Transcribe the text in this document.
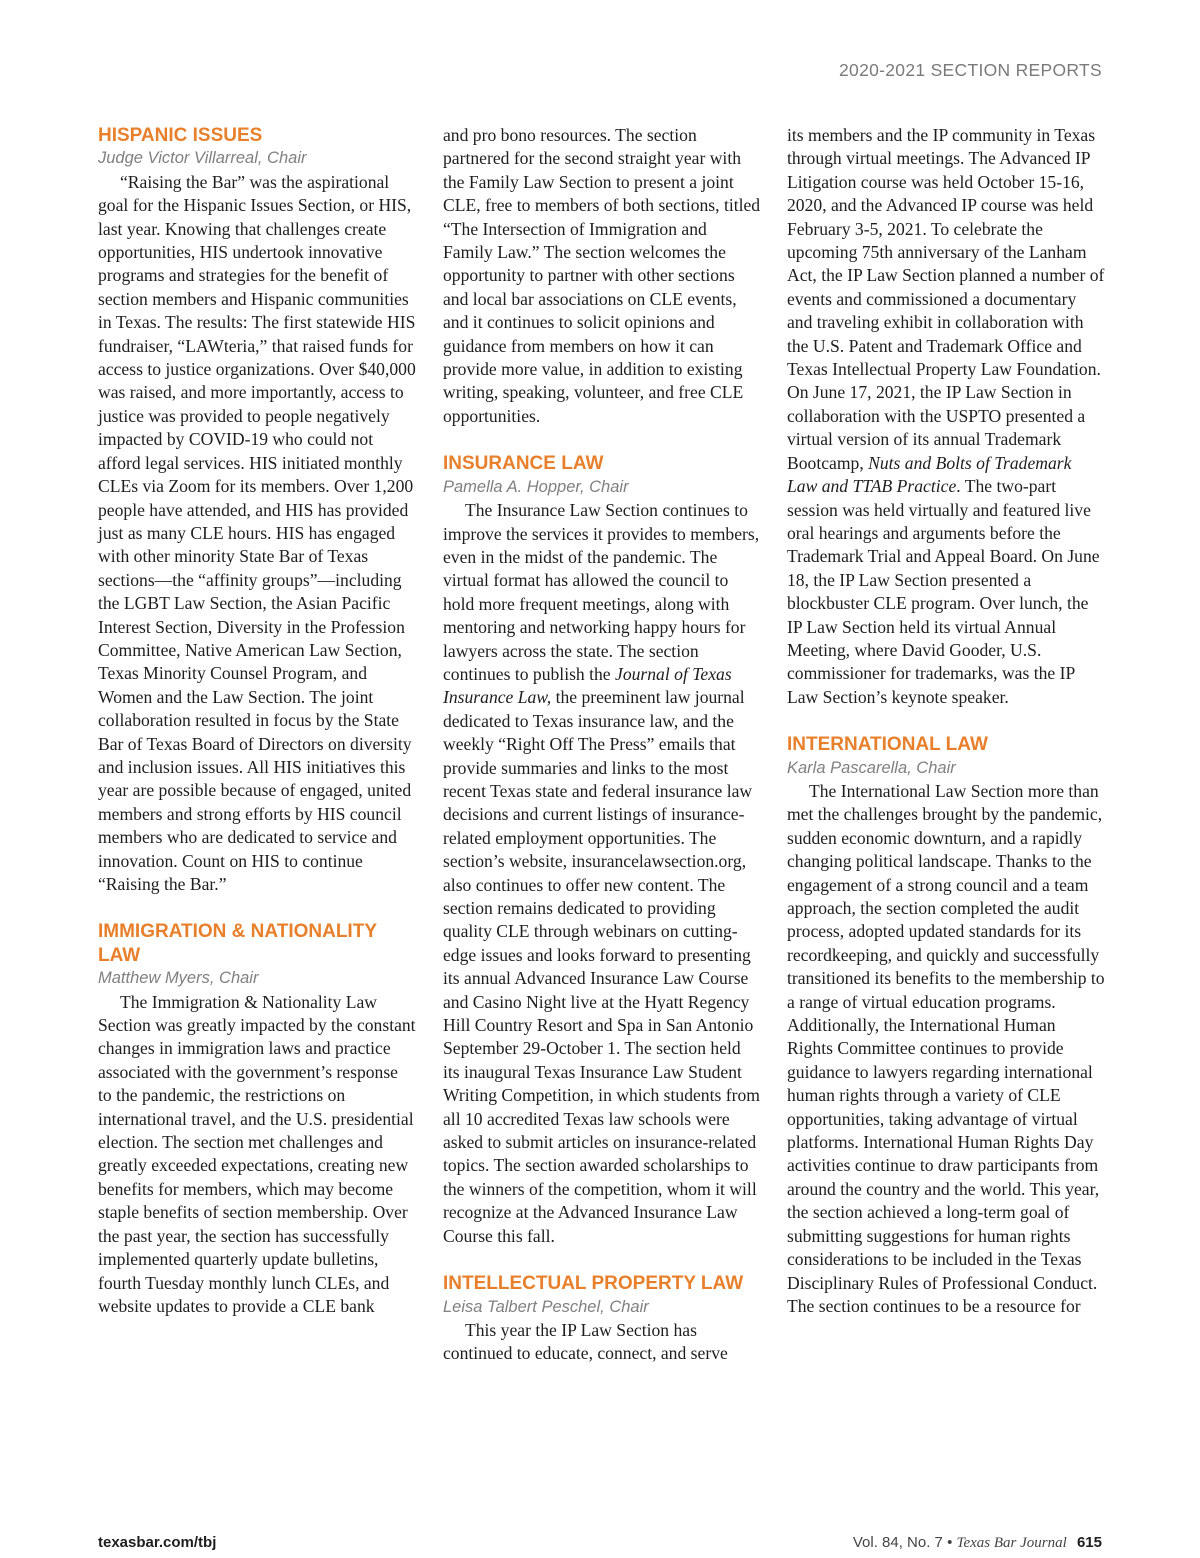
2020-2021 SECTION REPORTS
HISPANIC ISSUES

Judge Victor Villarreal, Chair

“Raising the Bar” was the aspirational goal for the Hispanic Issues Section, or HIS, last year. Knowing that challenges create opportunities, HIS undertook innovative programs and strategies for the benefit of section members and Hispanic communities in Texas. The results: The first statewide HIS fundraiser, “LAWteria,” that raised funds for access to justice organizations. Over $40,000 was raised, and more importantly, access to justice was provided to people negatively impacted by COVID-19 who could not afford legal services. HIS initiated monthly CLEs via Zoom for its members. Over 1,200 people have attended, and HIS has provided just as many CLE hours. HIS has engaged with other minority State Bar of Texas sections—the “affinity groups”—including the LGBT Law Section, the Asian Pacific Interest Section, Diversity in the Profession Committee, Native American Law Section, Texas Minority Counsel Program, and Women and the Law Section. The joint collaboration resulted in focus by the State Bar of Texas Board of Directors on diversity and inclusion issues. All HIS initiatives this year are possible because of engaged, united members and strong efforts by HIS council members who are dedicated to service and innovation. Count on HIS to continue “Raising the Bar.”

IMMIGRATION & NATIONALITY LAW

Matthew Myers, Chair

The Immigration & Nationality Law Section was greatly impacted by the constant changes in immigration laws and practice associated with the government’s response to the pandemic, the restrictions on international travel, and the U.S. presidential election. The section met challenges and greatly exceeded expectations, creating new benefits for members, which may become staple benefits of section membership. Over the past year, the section has successfully implemented quarterly update bulletins, fourth Tuesday monthly lunch CLEs, and website updates to provide a CLE bank

and pro bono resources. The section partnered for the second straight year with the Family Law Section to present a joint CLE, free to members of both sections, titled “The Intersection of Immigration and Family Law.” The section welcomes the opportunity to partner with other sections and local bar associations on CLE events, and it continues to solicit opinions and guidance from members on how it can provide more value, in addition to existing writing, speaking, volunteer, and free CLE opportunities.

INSURANCE LAW

Pamella A. Hopper, Chair

The Insurance Law Section continues to improve the services it provides to members, even in the midst of the pandemic. The virtual format has allowed the council to hold more frequent meetings, along with mentoring and networking happy hours for lawyers across the state. The section continues to publish the Journal of Texas Insurance Law, the preeminent law journal dedicated to Texas insurance law, and the weekly “Right Off The Press” emails that provide summaries and links to the most recent Texas state and federal insurance law decisions and current listings of insurance-related employment opportunities. The section’s website, insurancelawsection.org, also continues to offer new content. The section remains dedicated to providing quality CLE through webinars on cutting-edge issues and looks forward to presenting its annual Advanced Insurance Law Course and Casino Night live at the Hyatt Regency Hill Country Resort and Spa in San Antonio September 29-October 1. The section held its inaugural Texas Insurance Law Student Writing Competition, in which students from all 10 accredited Texas law schools were asked to submit articles on insurance-related topics. The section awarded scholarships to the winners of the competition, whom it will recognize at the Advanced Insurance Law Course this fall.

INTELLECTUAL PROPERTY LAW

Leisa Talbert Peschel, Chair

This year the IP Law Section has continued to educate, connect, and serve

its members and the IP community in Texas through virtual meetings. The Advanced IP Litigation course was held October 15-16, 2020, and the Advanced IP course was held February 3-5, 2021. To celebrate the upcoming 75th anniversary of the Lanham Act, the IP Law Section planned a number of events and commissioned a documentary and traveling exhibit in collaboration with the U.S. Patent and Trademark Office and Texas Intellectual Property Law Foundation. On June 17, 2021, the IP Law Section in collaboration with the USPTO presented a virtual version of its annual Trademark Bootcamp, Nuts and Bolts of Trademark Law and TTAB Practice. The two-part session was held virtually and featured live oral hearings and arguments before the Trademark Trial and Appeal Board. On June 18, the IP Law Section presented a blockbuster CLE program. Over lunch, the IP Law Section held its virtual Annual Meeting, where David Gooder, U.S. commissioner for trademarks, was the IP Law Section’s keynote speaker.

INTERNATIONAL LAW

Karla Pascarella, Chair

The International Law Section more than met the challenges brought by the pandemic, sudden economic downturn, and a rapidly changing political landscape. Thanks to the engagement of a strong council and a team approach, the section completed the audit process, adopted updated standards for its recordkeeping, and quickly and successfully transitioned its benefits to the membership to a range of virtual education programs. Additionally, the International Human Rights Committee continues to provide guidance to lawyers regarding international human rights through a variety of CLE opportunities, taking advantage of virtual platforms. International Human Rights Day activities continue to draw participants from around the country and the world. This year, the section achieved a long-term goal of submitting suggestions for human rights considerations to be included in the Texas Disciplinary Rules of Professional Conduct. The section continues to be a resource for

texasbar.com/tbj	Vol. 84, No. 7 • Texas Bar Journal 615
